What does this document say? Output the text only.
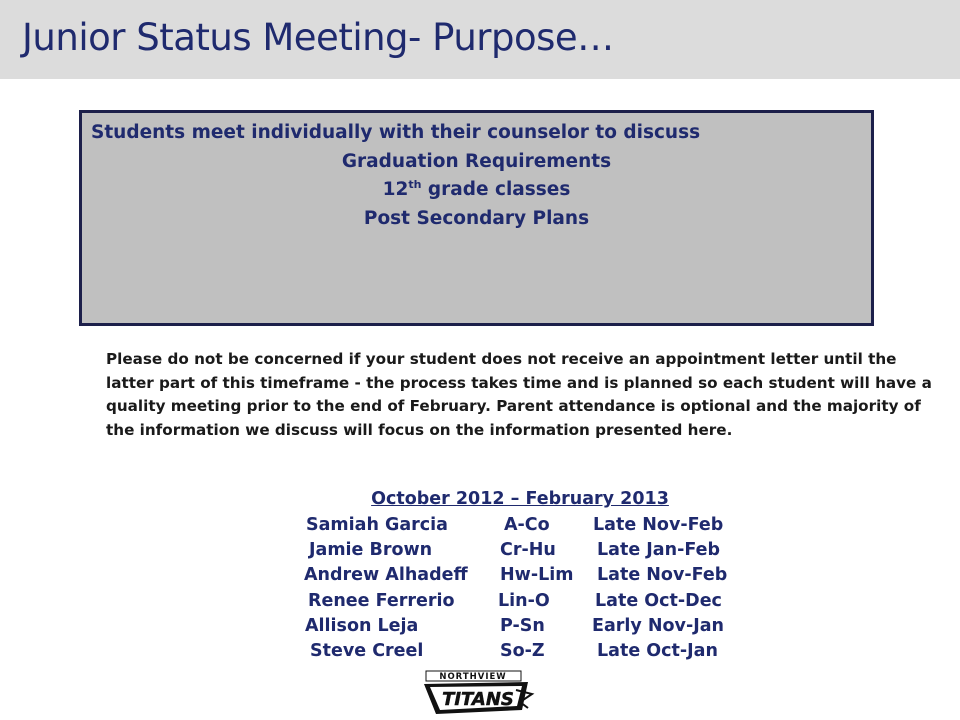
Junior Status Meeting- Purpose…
Students meet individually with their counselor to discuss
Graduation Requirements
12th grade classes
Post Secondary Plans
Please do not be concerned if your student does not receive an appointment letter until the latter part of this timeframe - the process takes time and is planned so each student will have a quality meeting prior to the end of February. Parent attendance is optional and the majority of the information we discuss will focus on the information presented here.
October 2012 – February 2013
Samiah Garcia	A-Co Late Nov-Feb
Jamie Brown	Cr-Hu Late Jan-Feb
Andrew Alhadeff Hw-Lim Late Nov-Feb
Renee Ferrerio Lin-O	Late Oct-Dec
Allison Leja	P-Sn	Early Nov-Jan
Steve Creel	So-Z	Late Oct-Jan
NORTHVIEW
TITANS
